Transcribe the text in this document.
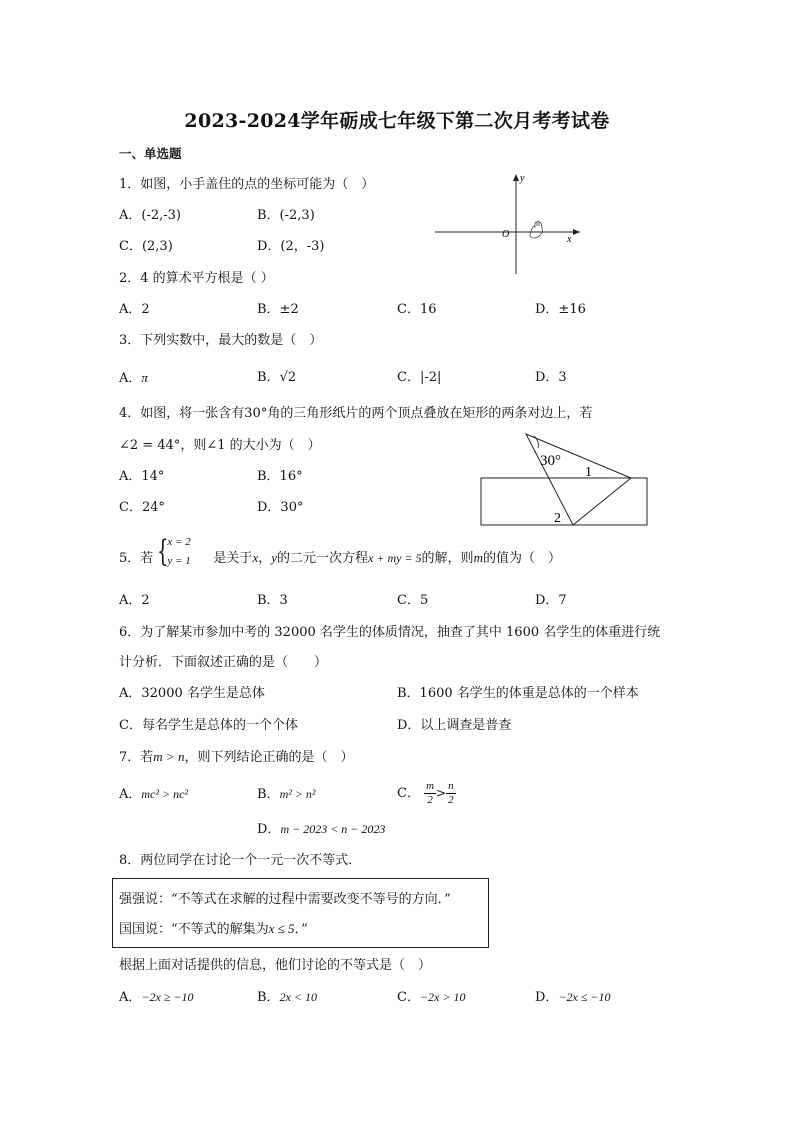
2023-2024学年砺成七年级下第二次月考考试卷
一、单选题
1．如图，小手盖住的点的坐标可能为（　）
A．(-2,-3)	B．(-2,3)
C．(2,3)	D．(2，-3)
y
x
O
2．4 的算术平方根是（ ）
A．2	B．±2	C．16	D．±16
3．下列实数中，最大的数是（　）
A．π	B．√2	C．|-2|	D．3
4．如图，将一张含有30°角的三角形纸片的两个顶点叠放在矩形的两条对边上，若
∠2 = 44°，则∠1 的大小为（　）
A．14°	B．16°
C．24°	D．30°
30°
1
2
5．若 {
x = 2
y = 1 是关于x，y的二元一次方程x + my = 5的解，则m的值为（　）
A．2	B．3	C．5	D．7
6．为了解某市参加中考的 32000 名学生的体质情况，抽查了其中 1600 名学生的体重进行统
计分析．下面叙述正确的是（　　）
A．32000 名学生是总体	B．1600 名学生的体重是总体的一个样本
C．每名学生是总体的一个个体	D．以上调查是普查
7．若m > n，则下列结论正确的是（　）
A．mc² > nc²	B．m² > n²	C． $\frac{m}{2} > \frac{n}{2}$
D．m − 2023 < n − 2023
8．两位同学在讨论一个一元一次不等式．
强强说：“不等式在求解的过程中需要改变不等号的方向．”
国国说：“不等式的解集为x ≤ 5．”
根据上面对话提供的信息，他们讨论的不等式是（　）
A．−2x ≥ −10	B．2x < 10	C．−2x > 10	D．−2x ≤ −10
